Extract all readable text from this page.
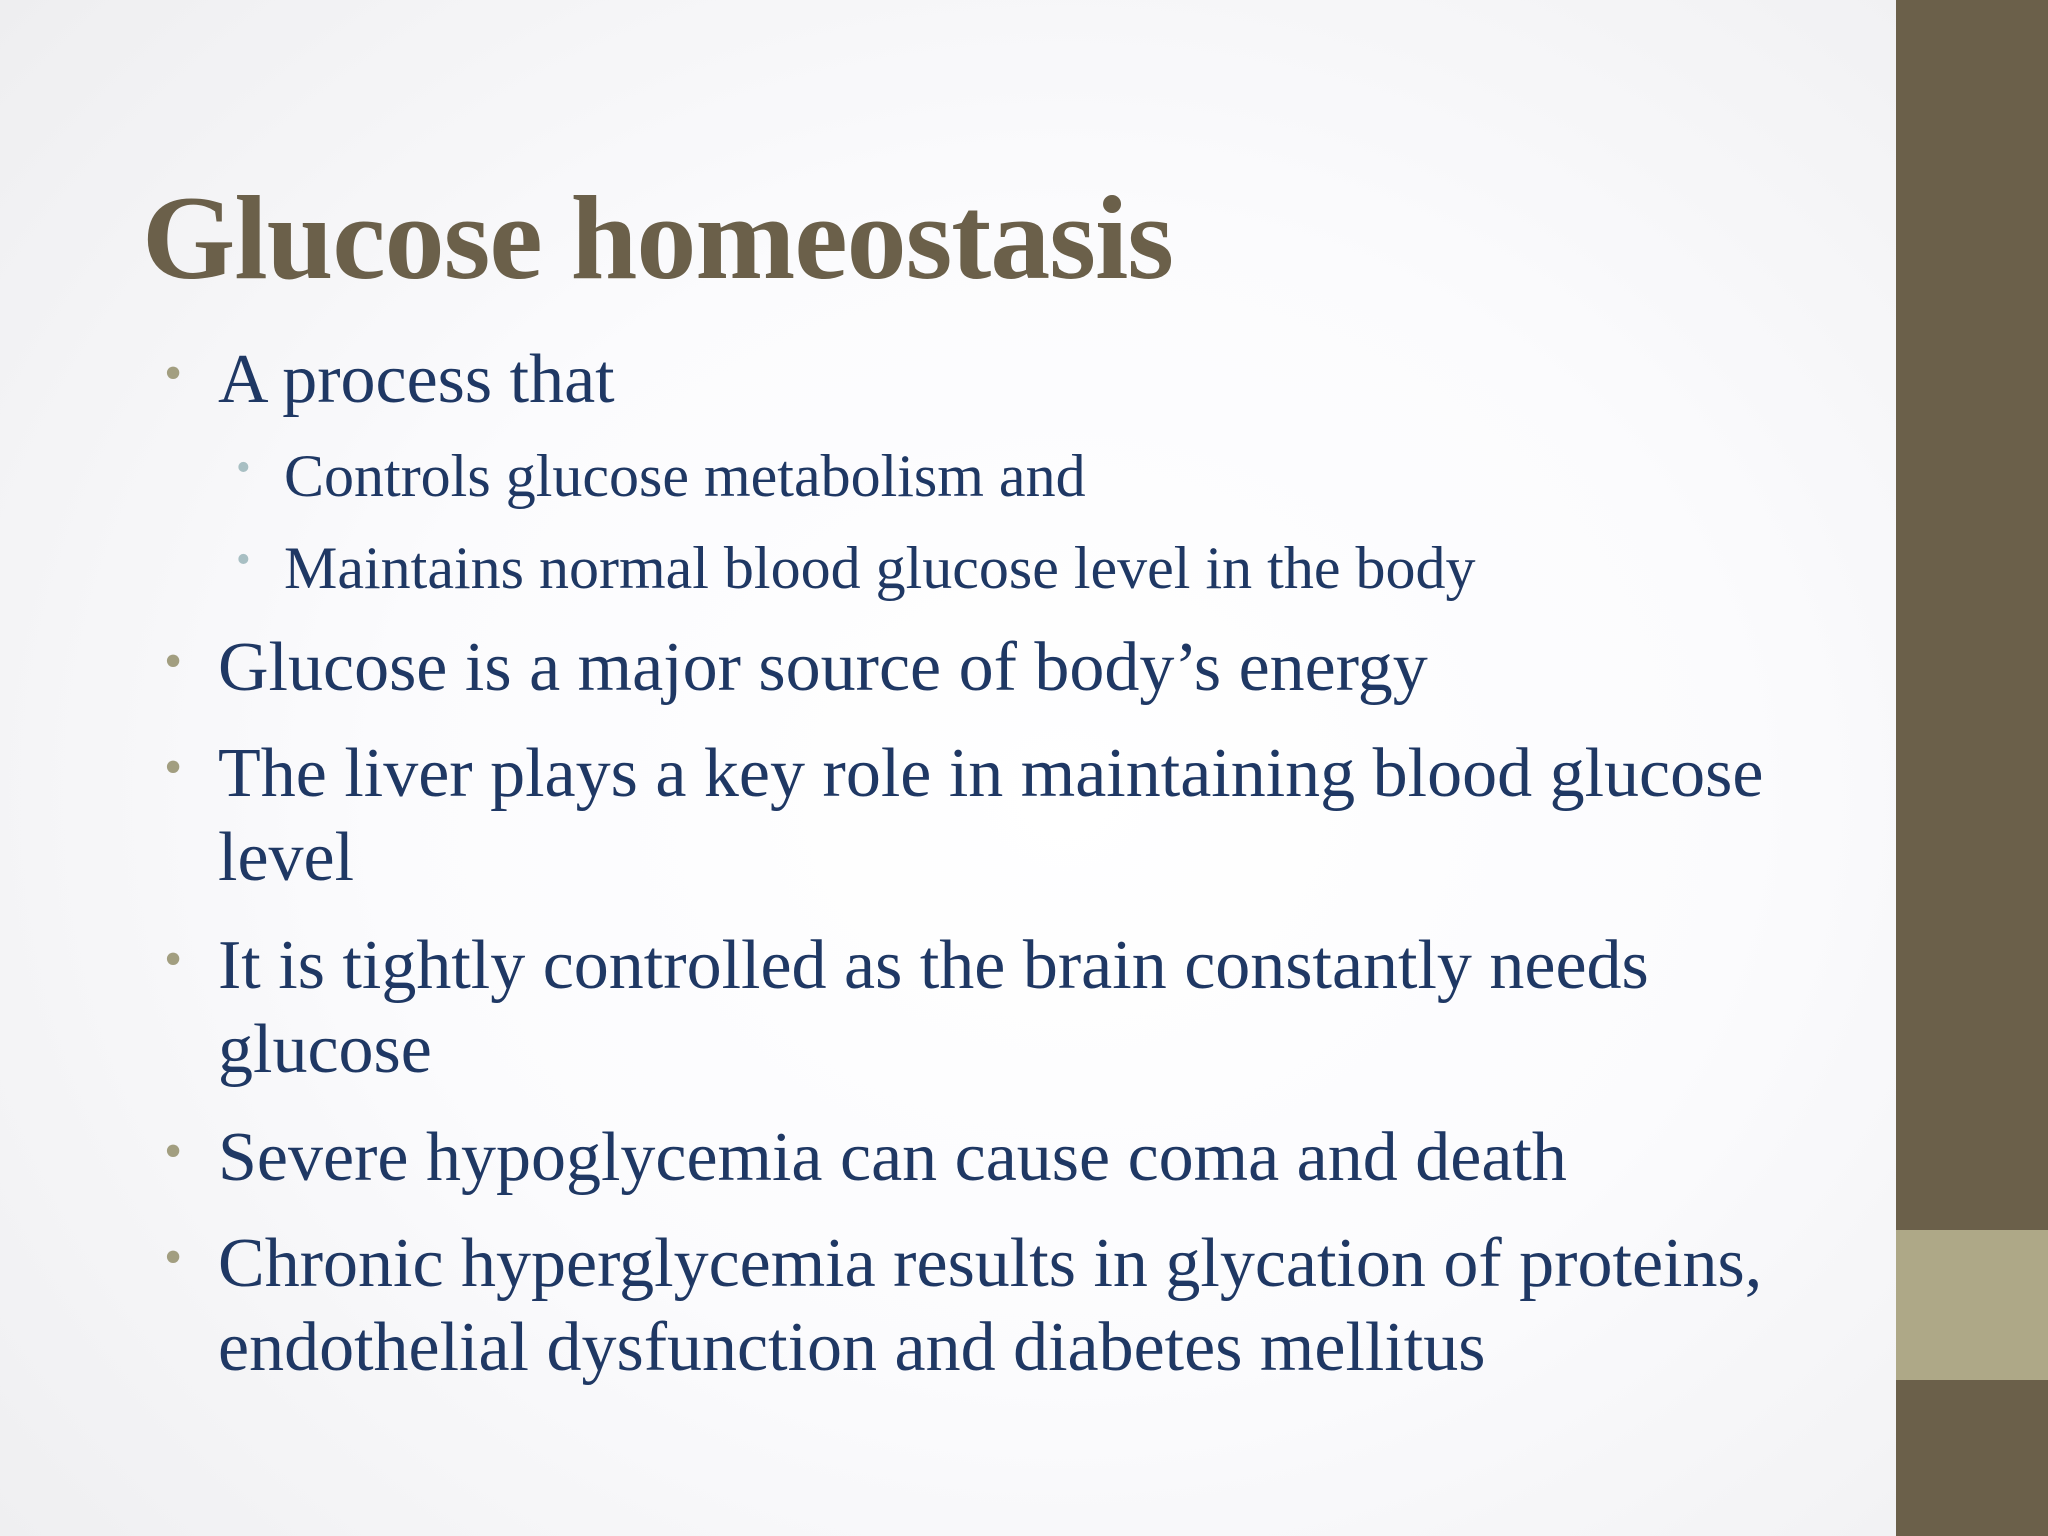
Glucose homeostasis
• A process that
• Controls glucose metabolism and
• Maintains normal blood glucose level in the body
• Glucose is a major source of body’s energy
• The liver plays a key role in maintaining blood glucose
level
• It is tightly controlled as the brain constantly needs
glucose
• Severe hypoglycemia can cause coma and death
• Chronic hyperglycemia results in glycation of proteins,
endothelial dysfunction and diabetes mellitus
